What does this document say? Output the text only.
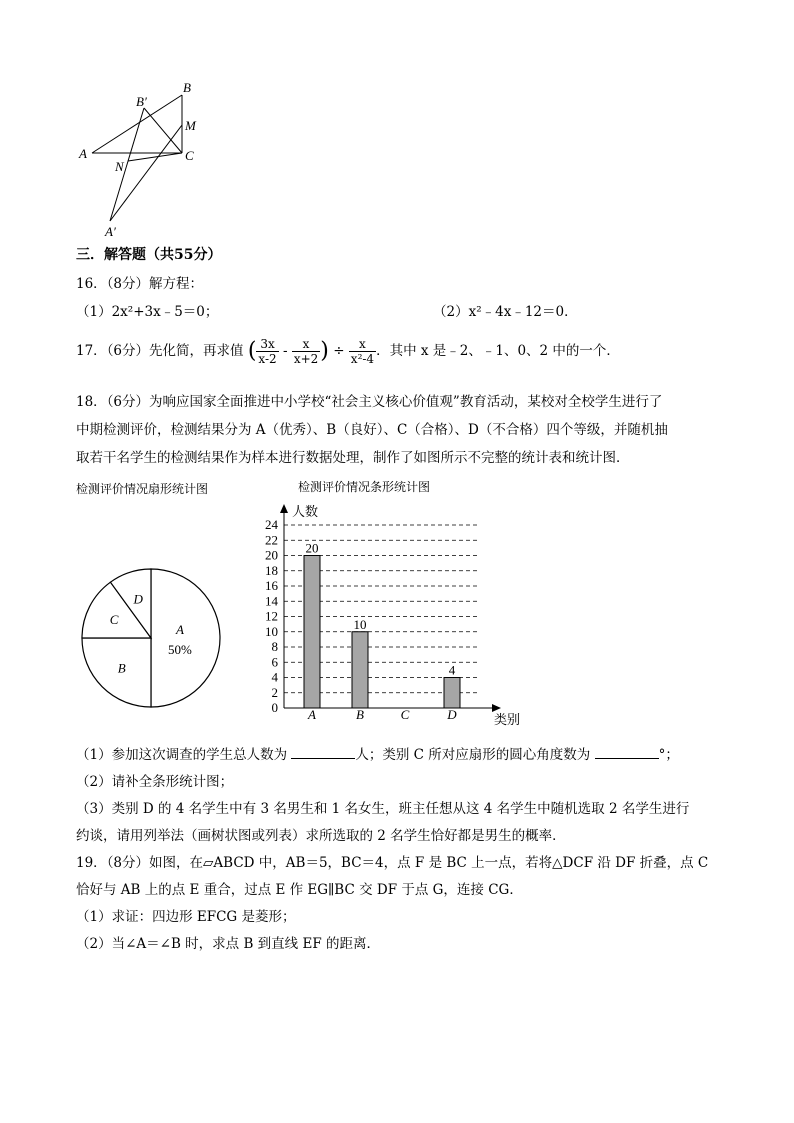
B
B′
M
A	C
N
A′
三．解答题（共55分）
16．（8分）解方程：
（1）2x²+3x﹣5＝0；	（2）x²﹣4x﹣12＝0．
17．（6分）先化简，再求值 ( $\frac{3x}{x-2} - \frac{x}{x+2}$ ) ÷ $\frac{x}{\text{x²-4}}$ ．其中 x 是﹣2、﹣1、0、2 中的一个．
18．（6分）为响应国家全面推进中小学校“社会主义核心价值观”教育活动，某校对全校学生进行了
中期检测评价，检测结果分为 A（优秀）、B（良好）、C（合格）、D（不合格）四个等级，并随机抽
取若干名学生的检测结果作为样本进行数据处理，制作了如图所示不完整的统计表和统计图．
检测评价情况扇形统计图	检测评价情况条形统计图
A
50%
B
C
D
0
2
4
6
8
10
12
14
16
18
20
22
24
人数
类别
20
A
10
B	C
4
D
（1）参加这次调查的学生总人数为	人；类别 C 所对应扇形的圆心角度数为	°；
（2）请补全条形统计图；
（3）类别 D 的 4 名学生中有 3 名男生和 1 名女生，班主任想从这 4 名学生中随机选取 2 名学生进行
约谈，请用列举法（画树状图或列表）求所选取的 2 名学生恰好都是男生的概率．
19．（8分）如图，在▱ABCD 中，AB＝5，BC＝4，点 F 是 BC 上一点，若将△DCF 沿 DF 折叠，点 C
恰好与 AB 上的点 E 重合，过点 E 作 EG∥BC 交 DF 于点 G，连接 CG．
（1）求证：四边形 EFCG 是菱形；
（2）当∠A＝∠B 时，求点 B 到直线 EF 的距离．
